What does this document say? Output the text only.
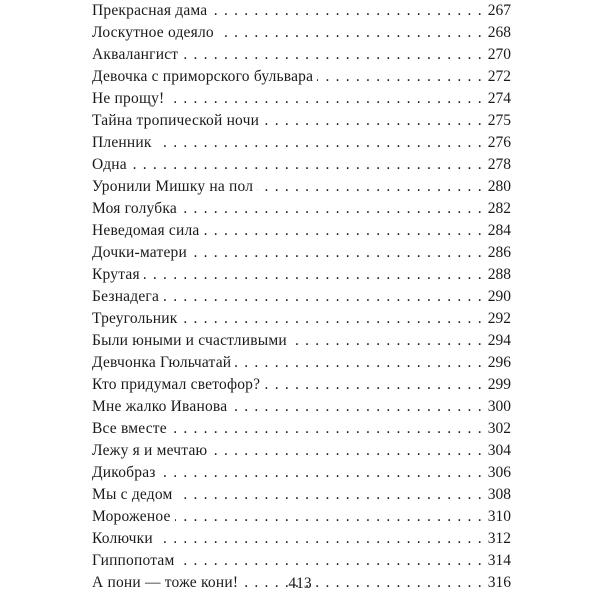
Прекрасная дама	267
. . .
Лоскутное одеяло	268
. . .
Аквалангист	270
. . .
Девочка с приморского бульвара	272
. . .
Не прощу!	274
. . .
Тайна тропической ночи	275
. . .
Пленник	276
. . .
Одна	278
. . .
Уронили Мишку на пол	280
. . .
Моя голубка	282
. . .
Неведомая сила	284
. . .
Дочки-матери	286
. . .
Крутая	288
. . .
Безнадега	290
. . .
Треугольник	292
. . .
Были юными и счастливыми	294
. . .
Девчонка Гюльчатай	296
. . .
Кто придумал светофор?	299
. . .
Мне жалко Иванова	300
. . .
Все вместе	302
. . .
Лежу я и мечтаю	304
. . .
Дикобраз	306
. . .
Мы с дедом	308
. . .
Мороженое	310
. . .
Колючки	312
. . .
Гиппопотам	314
. . .
А пони — тоже кони!	316
. . .
413
